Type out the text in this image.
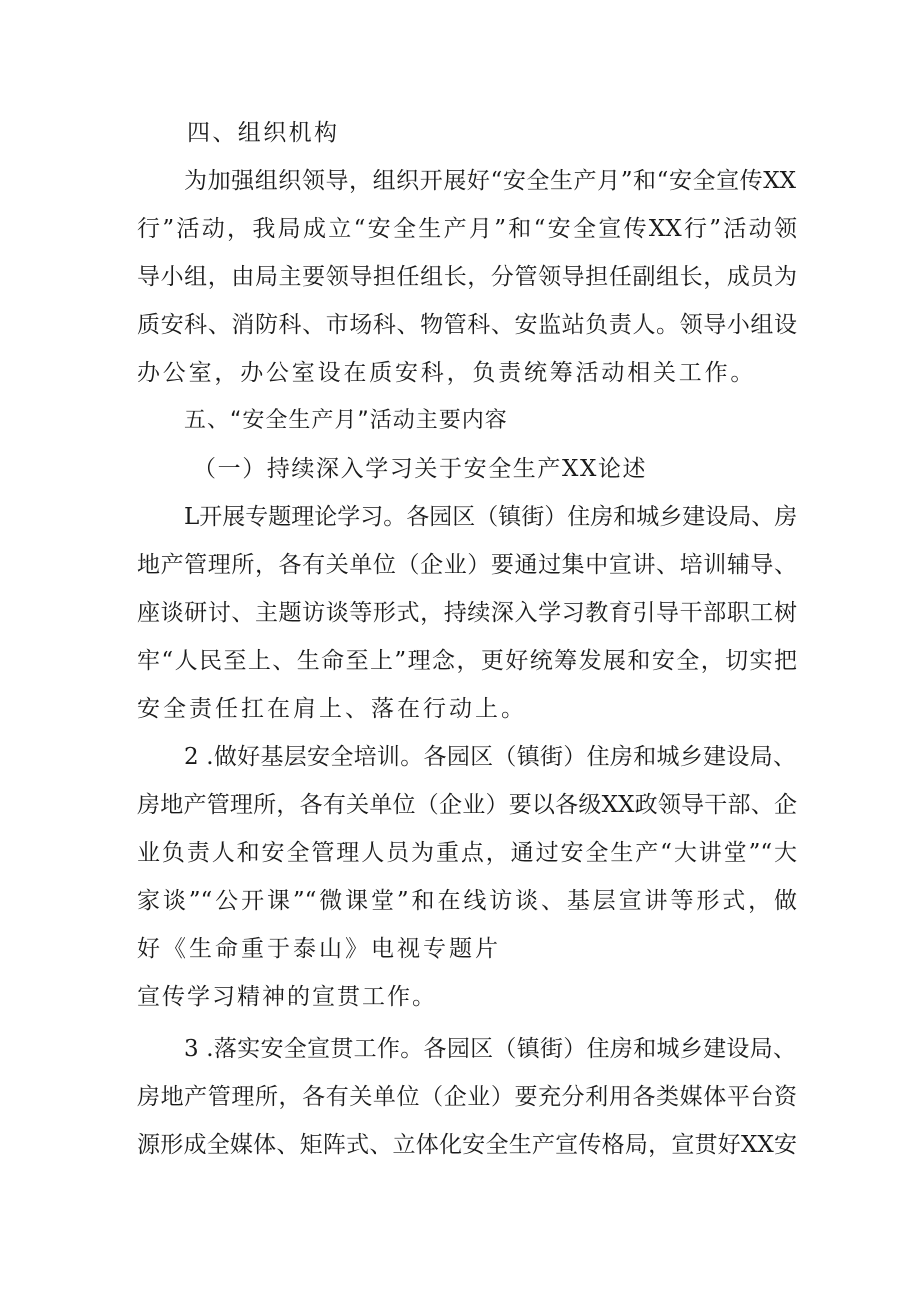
四、组织机构
为加强组织领导，组织开展好“安全生产月”和“安全宣传XX
行”活动，我局成立“安全生产月”和“安全宣传XX行”活动领
导小组，由局主要领导担任组长，分管领导担任副组长，成员为
质安科、消防科、市场科、物管科、安监站负责人。领导小组设
办公室，办公室设在质安科，负责统筹活动相关工作。
五、“安全生产月”活动主要内容
（一）持续深入学习关于安全生产XX论述
L开展专题理论学习。各园区（镇街）住房和城乡建设局、房
地产管理所，各有关单位（企业）要通过集中宣讲、培训辅导、
座谈研讨、主题访谈等形式，持续深入学习教育引导干部职工树
牢“人民至上、生命至上”理念，更好统筹发展和安全，切实把
安全责任扛在肩上、落在行动上。
2 .做好基层安全培训。各园区（镇街）住房和城乡建设局、
房地产管理所，各有关单位（企业）要以各级XX政领导干部、企
业负责人和安全管理人员为重点，通过安全生产“大讲堂”“大
家谈”“公开课”“微课堂”和在线访谈、基层宣讲等形式，做
好《生命重于泰山》电视专题片
宣传学习精神的宣贯工作。
3 .落实安全宣贯工作。各园区（镇街）住房和城乡建设局、
房地产管理所，各有关单位（企业）要充分利用各类媒体平台资
源形成全媒体、矩阵式、立体化安全生产宣传格局，宣贯好XX安
